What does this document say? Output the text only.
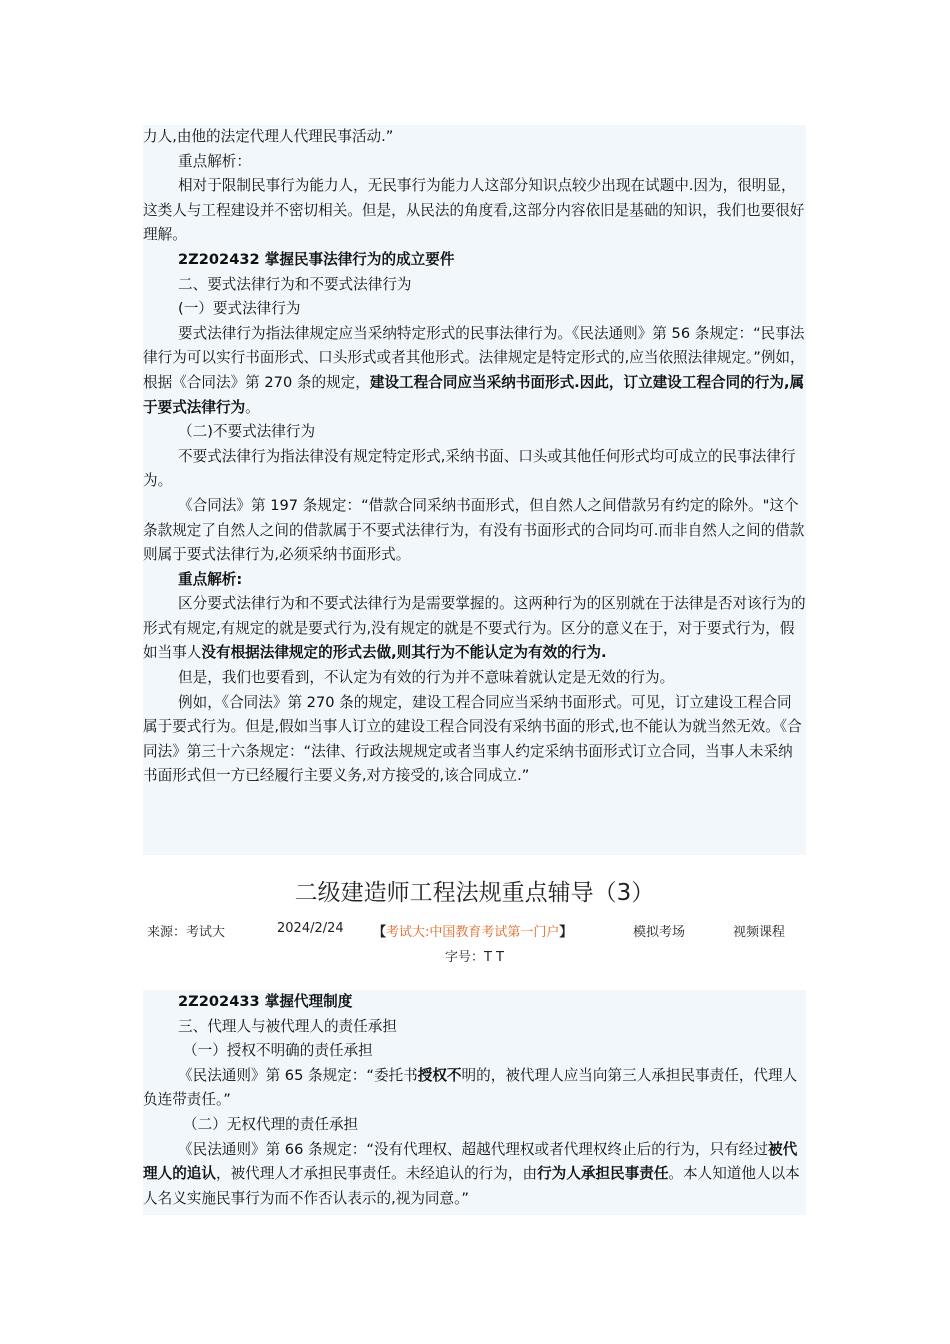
力人,由他的法定代理人代理民事活动.”

重点解析：

相对于限制民事行为能力人，无民事行为能力人这部分知识点较少出现在试题中.因为，很明显，这类人与工程建设并不密切相关。但是，从民法的角度看,这部分内容依旧是基础的知识，我们也要很好理解。

2Z202432 掌握民事法律行为的成立要件

二、要式法律行为和不要式法律行为

(一）要式法律行为

要式法律行为指法律规定应当采纳特定形式的民事法律行为。《民法通则》第 56 条规定：“民事法律行为可以实行书面形式、口头形式或者其他形式。法律规定是特定形式的,应当依照法律规定。”例如，根据《合同法》第 270 条的规定，建设工程合同应当采纳书面形式.因此，订立建设工程合同的行为,属于要式法律行为。

（二)不要式法律行为

不要式法律行为指法律没有规定特定形式,采纳书面、口头或其他任何形式均可成立的民事法律行为。

《合同法》第 197 条规定：“借款合同采纳书面形式，但自然人之间借款另有约定的除外。"这个条款规定了自然人之间的借款属于不要式法律行为，有没有书面形式的合同均可.而非自然人之间的借款则属于要式法律行为,必须采纳书面形式。

重点解析:

区分要式法律行为和不要式法律行为是需要掌握的。这两种行为的区别就在于法律是否对该行为的形式有规定,有规定的就是要式行为,没有规定的就是不要式行为。区分的意义在于，对于要式行为，假如当事人没有根据法律规定的形式去做,则其行为不能认定为有效的行为.

但是，我们也要看到，不认定为有效的行为并不意味着就认定是无效的行为。

例如，《合同法》第 270 条的规定，建设工程合同应当采纳书面形式。可见，订立建设工程合同属于要式行为。但是,假如当事人订立的建设工程合同没有采纳书面的形式,也不能认为就当然无效。《合同法》第三十六条规定：“法律、行政法规规定或者当事人约定采纳书面形式订立合同，当事人未采纳书面形式但一方已经履行主要义务,对方接受的,该合同成立.”

二级建造师工程法规重点辅导（3）
来源：考试大	2024/2/24 【考试大:中国教育考试第一门户】	模拟考场	视频课程
字号：T T

2Z202433 掌握代理制度

三、代理人与被代理人的责任承担

（一）授权不明确的责任承担

《民法通则》第 65 条规定：“委托书授权不明的，被代理人应当向第三人承担民事责任，代理人负连带责任。”

（二）无权代理的责任承担

《民法通则》第 66 条规定：“没有代理权、超越代理权或者代理权终止后的行为，只有经过被代理人的追认，被代理人才承担民事责任。未经追认的行为，由行为人承担民事责任。本人知道他人以本人名义实施民事行为而不作否认表示的,视为同意。”
